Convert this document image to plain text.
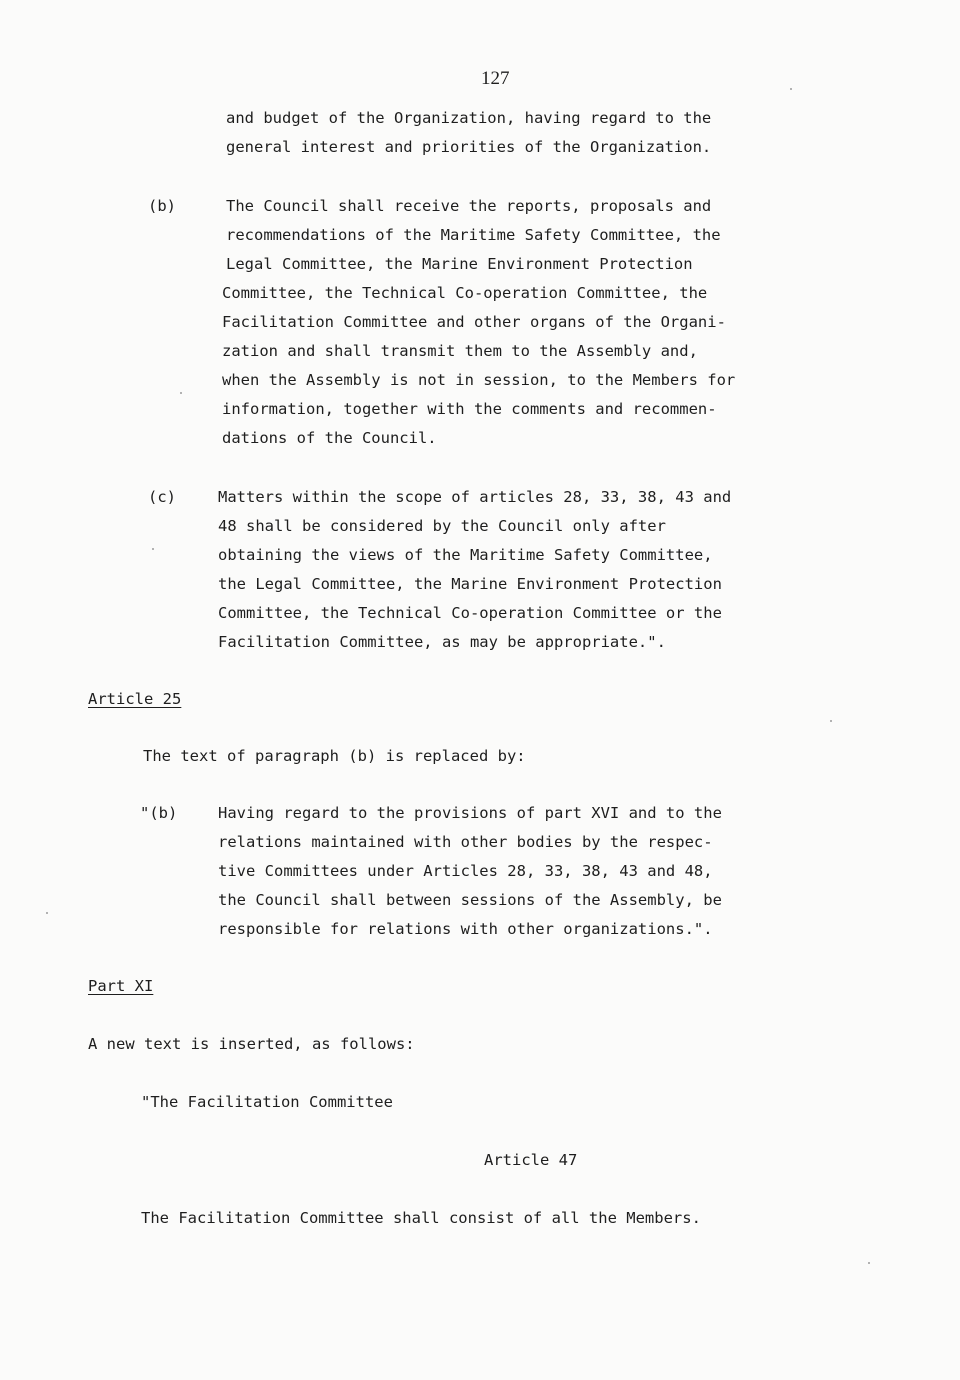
127
and budget of the Organization, having regard to the
general interest and priorities of the Organization.
(b)	The Council shall receive the reports, proposals and
recommendations of the Maritime Safety Committee, the
Legal Committee, the Marine Environment Protection
Committee, the Technical Co-operation Committee, the
Facilitation Committee and other organs of the Organi-
zation and shall transmit them to the Assembly and,
when the Assembly is not in session, to the Members for
information, together with the comments and recommen-
dations of the Council.
(c)	Matters within the scope of articles 28, 33, 38, 43 and
48 shall be considered by the Council only after
obtaining the views of the Maritime Safety Committee,
the Legal Committee, the Marine Environment Protection
Committee, the Technical Co-operation Committee or the
Facilitation Committee, as may be appropriate.".
Article 25
The text of paragraph (b) is replaced by:
"(b)	Having regard to the provisions of part XVI and to the
relations maintained with other bodies by the respec-
tive Committees under Articles 28, 33, 38, 43 and 48,
the Council shall between sessions of the Assembly, be
responsible for relations with other organizations.".
Part XI
A new text is inserted, as follows:
"The Facilitation Committee
Article 47
The Facilitation Committee shall consist of all the Members.
